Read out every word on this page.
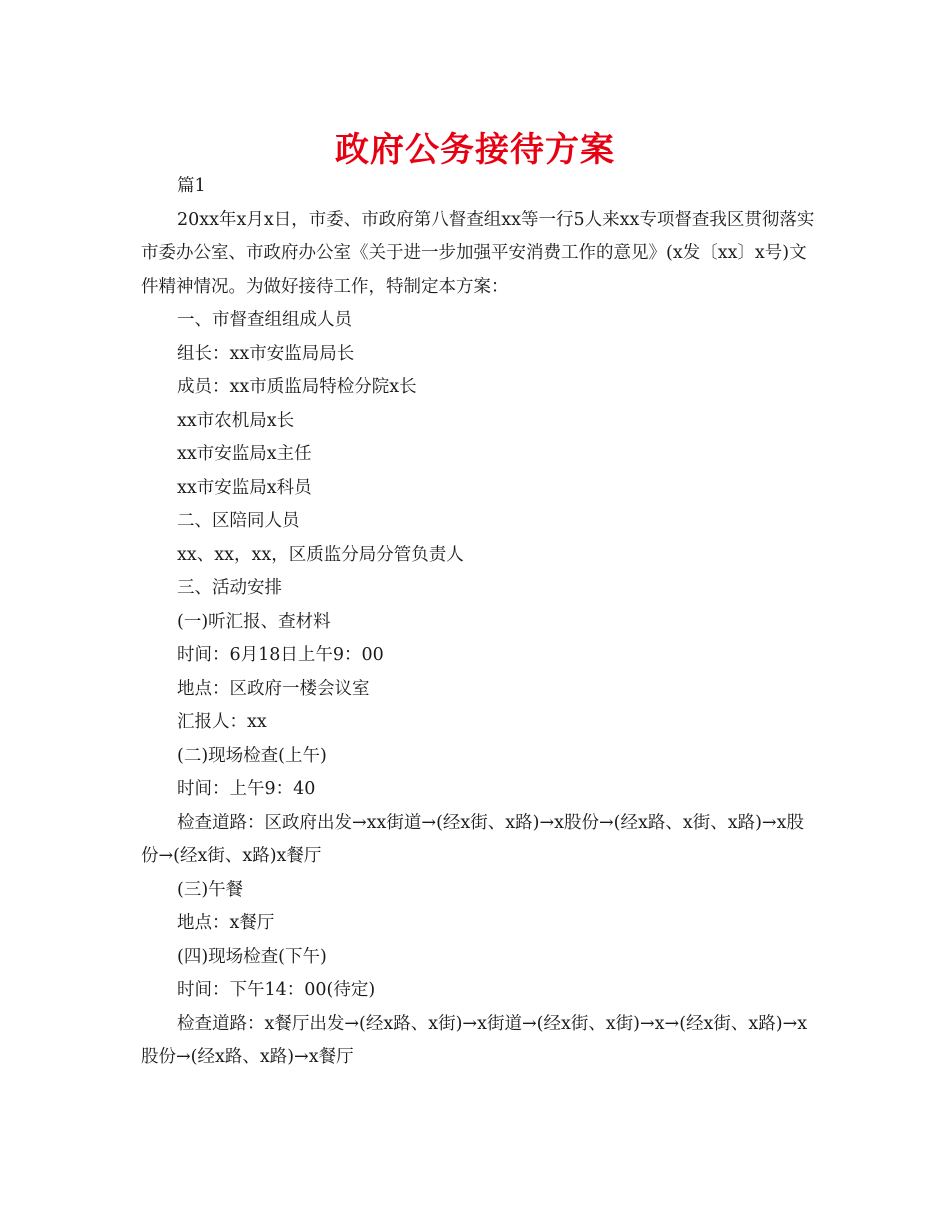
政府公务接待方案

篇1

20xx年x月x日，市委、市政府第八督查组xx等一行5人来xx专项督查我区贯彻落实市委办公室、市政府办公室《关于进一步加强平安消费工作的意见》(x发〔xx〕x号)文件精神情况。为做好接待工作，特制定本方案：

一、市督查组组成人员

组长：xx市安监局局长

成员：xx市质监局特检分院x长

xx市农机局x长

xx市安监局x主任

xx市安监局x科员

二、区陪同人员

xx、xx，xx，区质监分局分管负责人

三、活动安排

(一)听汇报、查材料

时间：6月18日上午9：00

地点：区政府一楼会议室

汇报人：xx

(二)现场检查(上午)

时间：上午9：40

检查道路：区政府出发→xx街道→(经x街、x路)→x股份→(经x路、x街、x路)→x股份→(经x街、x路)x餐厅

(三)午餐

地点：x餐厅

(四)现场检查(下午)

时间：下午14：00(待定)

检查道路：x餐厅出发→(经x路、x街)→x街道→(经x街、x街)→x→(经x街、x路)→x股份→(经x路、x路)→x餐厅
